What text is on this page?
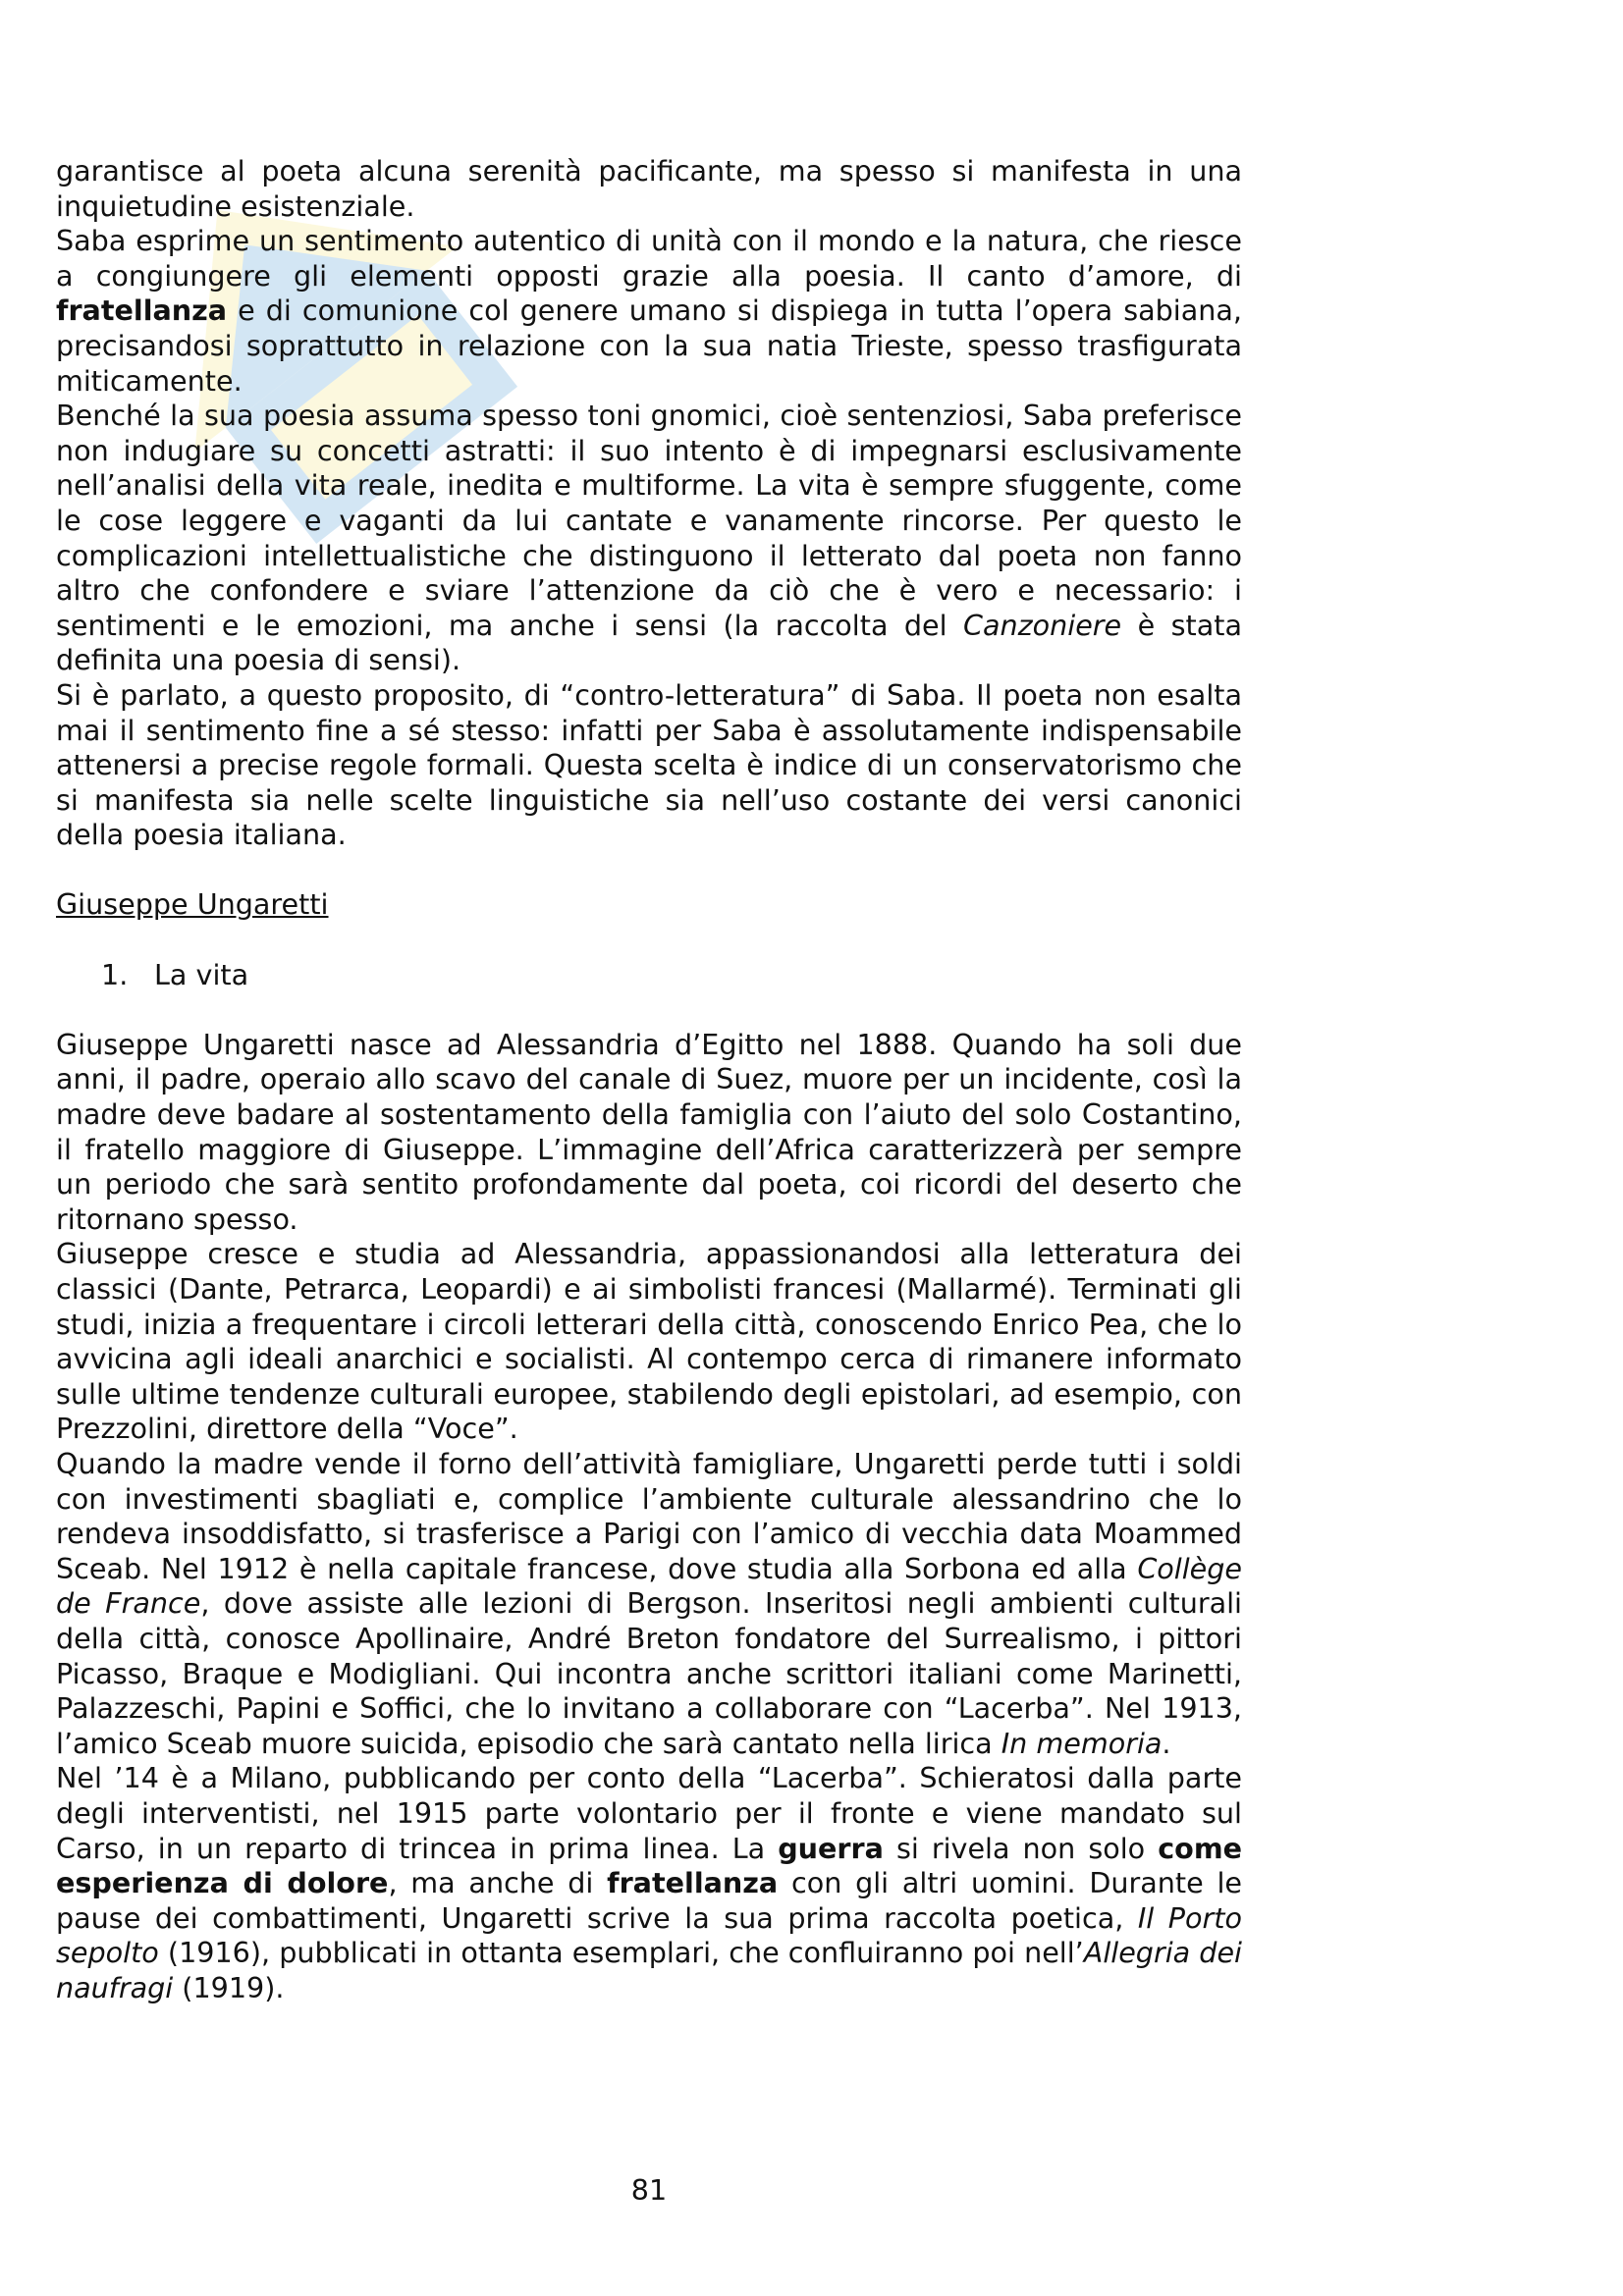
garantisce al poeta alcuna serenità pacificante, ma spesso si manifesta in una inquietudine esistenziale.

Saba esprime un sentimento autentico di unità con il mondo e la natura, che riesce a congiungere gli elementi opposti grazie alla poesia. Il canto d’amore, di fratellanza e di comunione col genere umano si dispiega in tutta l’opera sabiana, precisandosi soprattutto in relazione con la sua natia Trieste, spesso trasfigurata miticamente.

Benché la sua poesia assuma spesso toni gnomici, cioè sentenziosi, Saba preferisce non indugiare su concetti astratti: il suo intento è di impegnarsi esclusivamente nell’analisi della vita reale, inedita e multiforme. La vita è sempre sfuggente, come le cose leggere e vaganti da lui cantate e vanamente rincorse. Per questo le complicazioni intellettualistiche che distinguono il letterato dal poeta non fanno altro che confondere e sviare l’attenzione da ciò che è vero e necessario: i sentimenti e le emozioni, ma anche i sensi (la raccolta del Canzoniere è stata definita una poesia di sensi).

Si è parlato, a questo proposito, di “contro-letteratura” di Saba. Il poeta non esalta mai il sentimento fine a sé stesso: infatti per Saba è assolutamente indispensabile attenersi a precise regole formali. Questa scelta è indice di un conservatorismo che si manifesta sia nelle scelte linguistiche sia nell’uso costante dei versi canonici della poesia italiana.

Giuseppe Ungaretti

1. La vita

Giuseppe Ungaretti nasce ad Alessandria d’Egitto nel 1888. Quando ha soli due anni, il padre, operaio allo scavo del canale di Suez, muore per un incidente, così la madre deve badare al sostentamento della famiglia con l’aiuto del solo Costantino, il fratello maggiore di Giuseppe. L’immagine dell’Africa caratterizzerà per sempre un periodo che sarà sentito profondamente dal poeta, coi ricordi del deserto che ritornano spesso.

Giuseppe cresce e studia ad Alessandria, appassionandosi alla letteratura dei classici (Dante, Petrarca, Leopardi) e ai simbolisti francesi (Mallarmé). Terminati gli studi, inizia a frequentare i circoli letterari della città, conoscendo Enrico Pea, che lo avvicina agli ideali anarchici e socialisti. Al contempo cerca di rimanere informato sulle ultime tendenze culturali europee, stabilendo degli epistolari, ad esempio, con Prezzolini, direttore della “Voce”.

Quando la madre vende il forno dell’attività famigliare, Ungaretti perde tutti i soldi con investimenti sbagliati e, complice l’ambiente culturale alessandrino che lo rendeva insoddisfatto, si trasferisce a Parigi con l’amico di vecchia data Moammed Sceab. Nel 1912 è nella capitale francese, dove studia alla Sorbona ed alla Collège de France, dove assiste alle lezioni di Bergson. Inseritosi negli ambienti culturali della città, conosce Apollinaire, André Breton fondatore del Surrealismo, i pittori Picasso, Braque e Modigliani. Qui incontra anche scrittori italiani come Marinetti, Palazzeschi, Papini e Soffici, che lo invitano a collaborare con “Lacerba”. Nel 1913, l’amico Sceab muore suicida, episodio che sarà cantato nella lirica In memoria.

Nel ’14 è a Milano, pubblicando per conto della “Lacerba”. Schieratosi dalla parte degli interventisti, nel 1915 parte volontario per il fronte e viene mandato sul Carso, in un reparto di trincea in prima linea. La guerra si rivela non solo come esperienza di dolore, ma anche di fratellanza con gli altri uomini. Durante le pause dei combattimenti, Ungaretti scrive la sua prima raccolta poetica, Il Porto sepolto (1916), pubblicati in ottanta esemplari, che confluiranno poi nell’Allegria dei naufragi (1919).

81
